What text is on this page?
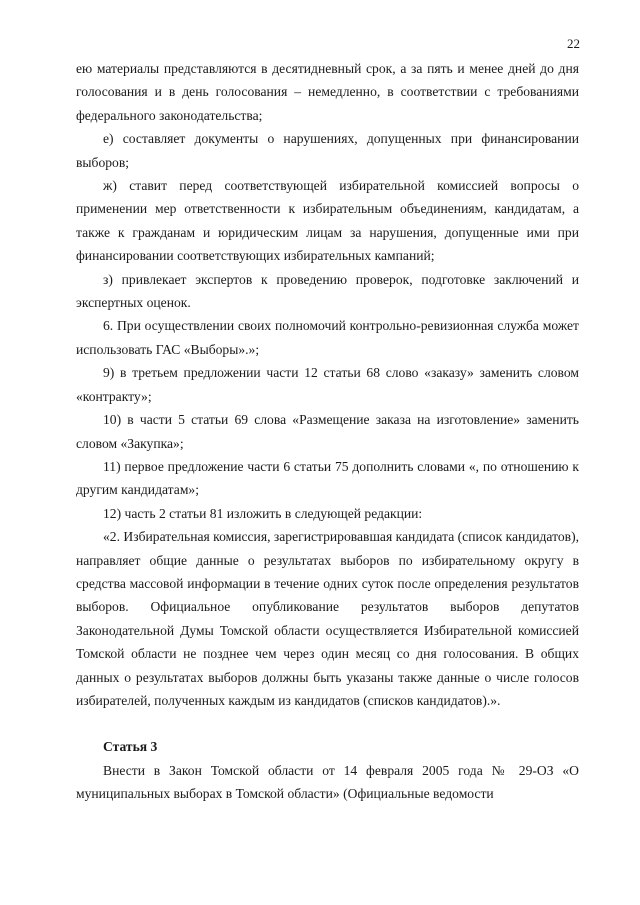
22

ею материалы представляются в десятидневный срок, а за пять и менее дней до дня голосования и в день голосования – немедленно, в соответствии с требованиями федерального законодательства;

е) составляет документы о нарушениях, допущенных при финансировании выборов;

ж) ставит перед соответствующей избирательной комиссией вопросы о применении мер ответственности к избирательным объединениям, кандидатам, а также к гражданам и юридическим лицам за нарушения, допущенные ими при финансировании соответствующих избирательных кампаний;

з) привлекает экспертов к проведению проверок, подготовке заключений и экспертных оценок.

6. При осуществлении своих полномочий контрольно-ревизионная служба может использовать ГАС «Выборы».»;

9) в третьем предложении части 12 статьи 68 слово «заказу» заменить словом «контракту»;

10) в части 5 статьи 69 слова «Размещение заказа на изготовление» заменить словом «Закупка»;

11) первое предложение части 6 статьи 75 дополнить словами «, по отношению к другим кандидатам»;

12) часть 2 статьи 81 изложить в следующей редакции:

«2. Избирательная комиссия, зарегистрировавшая кандидата (список кандидатов), направляет общие данные о результатах выборов по избирательному округу в средства массовой информации в течение одних суток после определения результатов выборов. Официальное опубликование результатов выборов депутатов Законодательной Думы Томской области осуществляется Избирательной комиссией Томской области не позднее чем через один месяц со дня голосования. В общих данных о результатах выборов должны быть указаны также данные о числе голосов избирателей, полученных каждым из кандидатов (списков кандидатов).».

Статья 3

Внести в Закон Томской области от 14 февраля 2005 года № 29-ОЗ «О муниципальных выборах в Томской области» (Официальные ведомости
